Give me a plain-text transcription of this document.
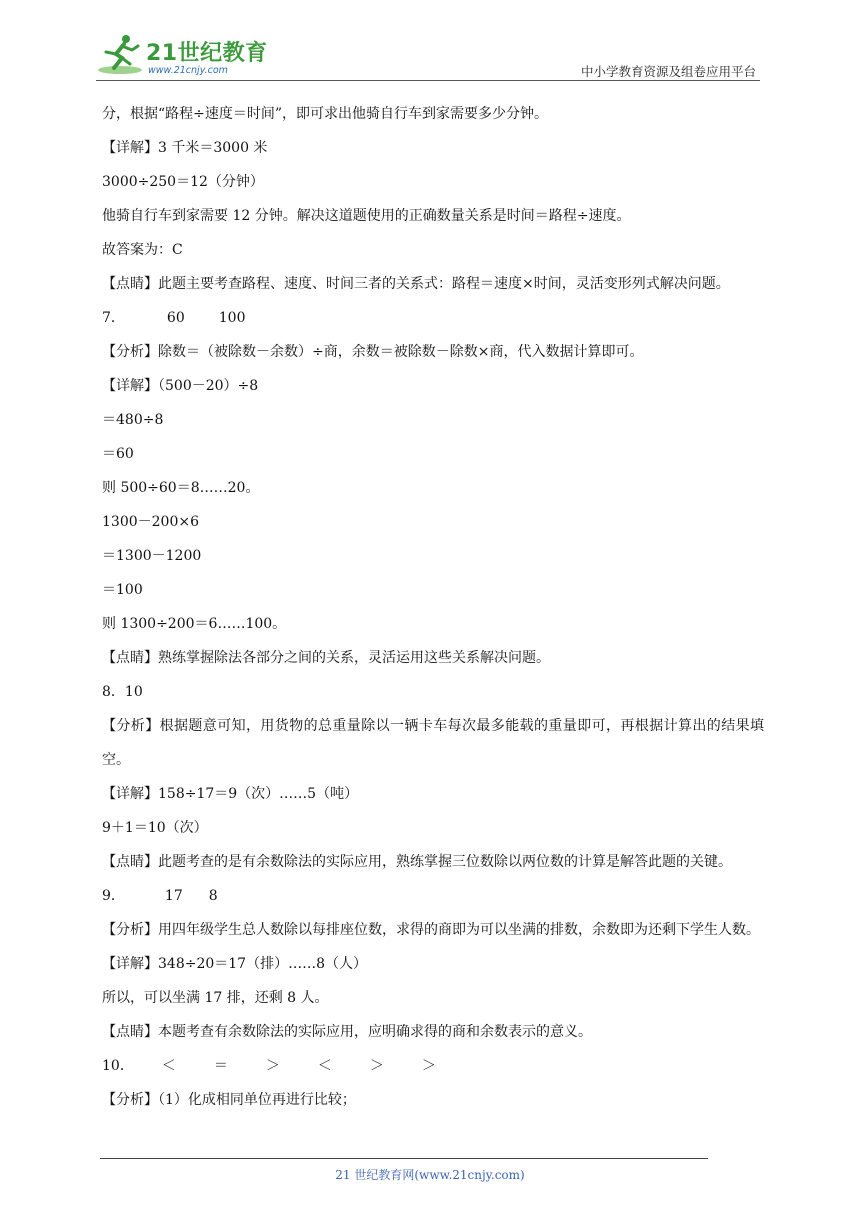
21世纪教育
www.21cnjy.com	中小学教育资源及组卷应用平台

分，根据“路程÷速度＝时间”，即可求出他骑自行车到家需要多少分钟。

【详解】3 千米＝3000 米

3000÷250＝12（分钟）

他骑自行车到家需要 12 分钟。解决这道题使用的正确数量关系是时间＝路程÷速度。

故答案为：C

【点睛】此题主要考查路程、速度、时间三者的关系式：路程＝速度×时间，灵活变形列式解决问题。

7．	60 100

【分析】除数＝（被除数－余数）÷商，余数＝被除数－除数×商，代入数据计算即可。

【详解】（500－20）÷8

＝480÷8

＝60

则 500÷60＝8……20。

1300－200×6

＝1300－1200

＝100

则 1300÷200＝6……100。

【点睛】熟练掌握除法各部分之间的关系，灵活运用这些关系解决问题。

8．10

【分析】根据题意可知，用货物的总重量除以一辆卡车每次最多能载的重量即可，再根据计算出的结果填空。

【详解】158÷17＝9（次）……5（吨）

9＋1＝10（次）

【点睛】此题考查的是有余数除法的实际应用，熟练掌握三位数除以两位数的计算是解答此题的关键。

9．	17 8

【分析】用四年级学生总人数除以每排座位数，求得的商即为可以坐满的排数，余数即为还剩下学生人数。

【详解】348÷20＝17（排）……8（人）

所以，可以坐满 17 排，还剩 8 人。

【点睛】本题考查有余数除法的实际应用，应明确求得的商和余数表示的意义。

10． ＜	＝	＞	＜	＞	＞

【分析】（1）化成相同单位再进行比较；

21 世纪教育网(www.21cnjy.com)
